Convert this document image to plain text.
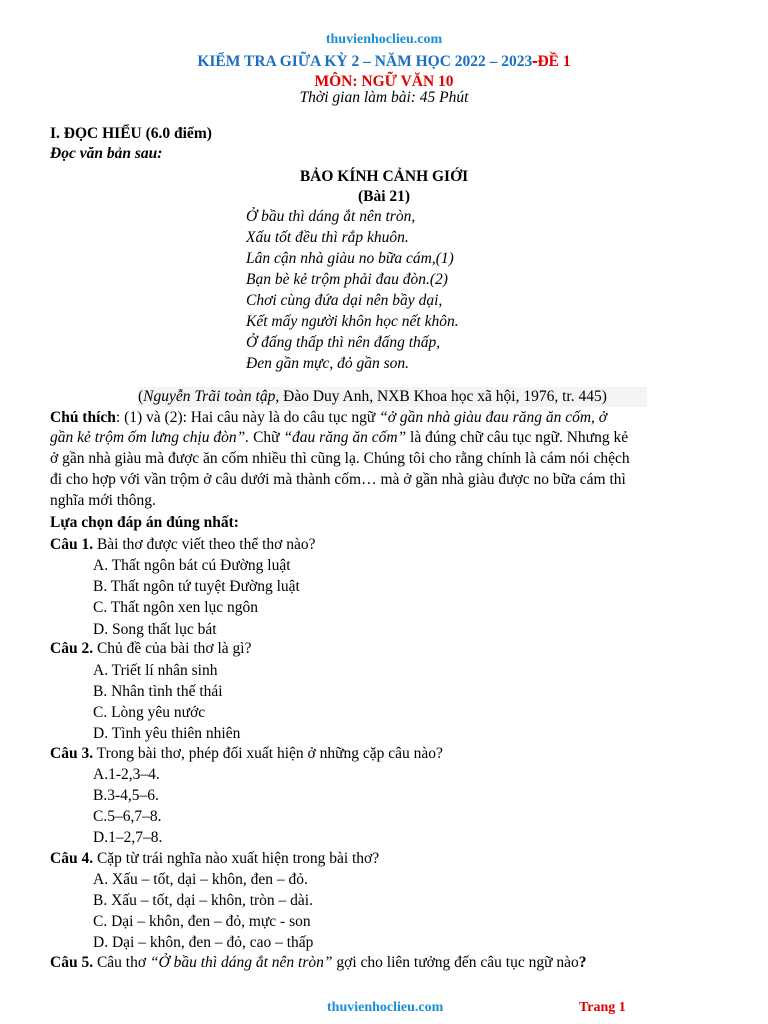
thuvienhoclieu.com
KIỂM TRA GIỮA KỲ 2 – NĂM HỌC 2022 – 2023-ĐỀ 1
MÔN: NGỮ VĂN 10
Thời gian làm bài: 45 Phút
I. ĐỌC HIỂU (6.0 điểm)
Đọc văn bản sau:
BẢO KÍNH CẢNH GIỚI
(Bài 21)
Ở bầu thì dáng ắt nên tròn,
Xấu tốt đều thì rắp khuôn.
Lân cận nhà giàu no bữa cám,(1)
Bạn bè kẻ trộm phải đau đòn.(2)
Chơi cùng đứa dại nên bầy dại,
Kết mấy người khôn học nết khôn.
Ở đấng thấp thì nên đấng thấp,
Đen gần mực, đỏ gần son.
(Nguyễn Trãi toàn tập, Đào Duy Anh, NXB Khoa học xã hội, 1976, tr. 445)
Chú thích: (1) và (2): Hai câu này là do câu tục ngữ “ở gần nhà giàu đau răng ăn cốm, ở
gần kẻ trộm ốm lưng chịu đòn”. Chữ “đau răng ăn cốm” là đúng chữ câu tục ngữ. Nhưng kẻ
ở gần nhà giàu mà được ăn cốm nhiều thì cũng lạ. Chúng tôi cho rằng chính là cám nói chệch
đi cho hợp với vần trộm ở câu dưới mà thành cốm… mà ở gần nhà giàu được no bữa cám thì
nghĩa mới thông.
Lựa chọn đáp án đúng nhất:
Câu 1. Bài thơ được viết theo thể thơ nào?
A. Thất ngôn bát cú Đường luật
B. Thất ngôn tứ tuyệt Đường luật
C. Thất ngôn xen lục ngôn
D. Song thất lục bát
Câu 2. Chủ đề của bài thơ là gì?
A. Triết lí nhân sinh
B. Nhân tình thế thái
C. Lòng yêu nước
D. Tình yêu thiên nhiên
Câu 3. Trong bài thơ, phép đối xuất hiện ở những cặp câu nào?
A.1-2,3–4.
B.3-4,5–6.
C.5–6,7–8.
D.1–2,7–8.
Câu 4. Cặp từ trái nghĩa nào xuất hiện trong bài thơ?
A. Xấu – tốt, dại – khôn, đen – đỏ.
B. Xấu – tốt, dại – khôn, tròn – dài.
C. Dại – khôn, đen – đỏ, mực - son
D. Dại – khôn, đen – đỏ, cao – thấp
Câu 5. Câu thơ “Ở bầu thì dáng ắt nên tròn” gợi cho liên tưởng đến câu tục ngữ nào?
thuvienhoclieu.com	Trang 1
